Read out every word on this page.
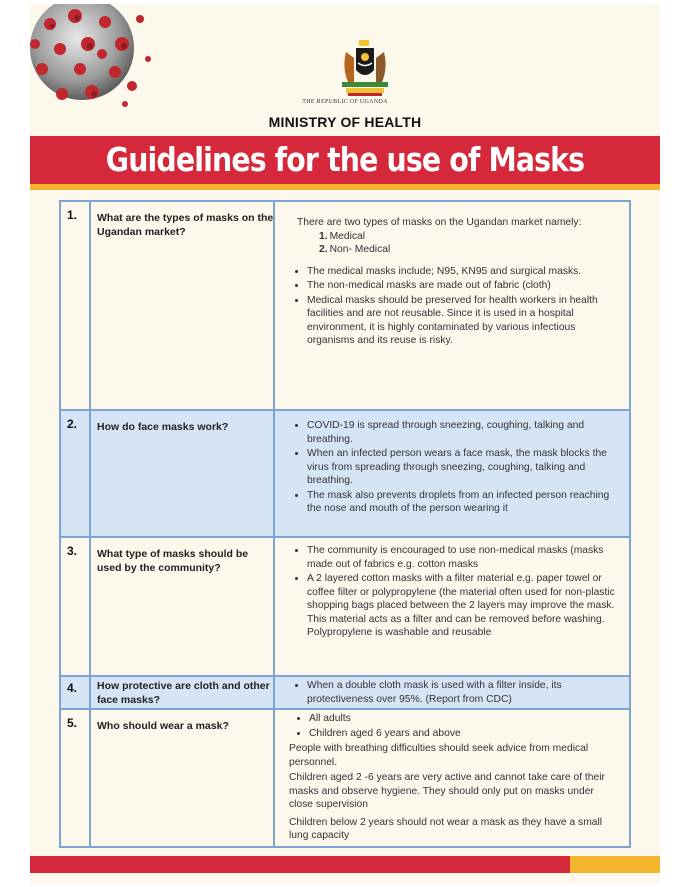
THE REPUBLIC OF UGANDA
MINISTRY OF HEALTH
Guidelines for the use of Masks
1. What are the types of masks on the Ugandan market?

There are two types of masks on the Ugandan market namely:

1. Medical
2. Non- Medical
• The medical masks include; N95, KN95 and surgical masks.
• The non-medical masks are made out of fabric (cloth)
• Medical masks should be preserved for health workers in health facilities and are not reusable. Since it is used in a hospital environment, it is highly contaminated by various infectious organisms and its reuse is risky.
2. How do face masks work?
•	COVID-19 is spread through sneezing, coughing, talking and breathing.
• When an infected person wears a face mask, the mask blocks the virus from spreading through sneezing, coughing, talking and breathing.
• The mask also prevents droplets from an infected person reaching the nose and mouth of the person wearing it
3. What type of masks should be used by the community?
• The community is encouraged to use non-medical masks (masks made out of fabrics e.g. cotton masks
• A 2 layered cotton masks with a filter material e.g. paper towel or coffee filter or polypropylene (the material often used for non-plastic shopping bags placed between the 2 layers may improve the mask. This material acts as a filter and can be removed before washing. Polypropylene is washable and reusable
4. How protective are cloth and other face masks?
• When a double cloth mask is used with a filter inside, its protectiveness over 95%. (Report from CDC)
5. Who should wear a mask?
• All adults
• Children aged 6 years and above

People with breathing difficulties should seek advice from medical personnel.

Children aged 2 -6 years are very active and cannot take care of their masks and observe hygiene. They should only put on masks under close supervision

Children below 2 years should not wear a mask as they have a small lung capacity
